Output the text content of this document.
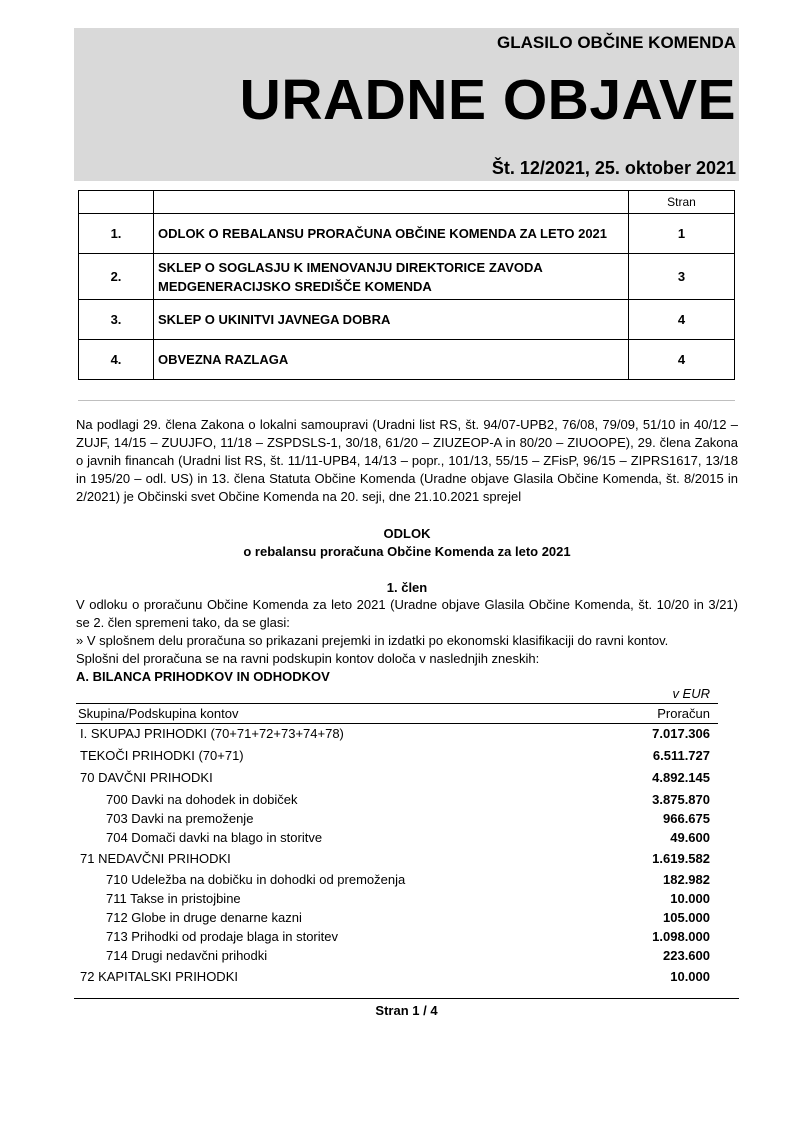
GLASILO OBČINE KOMENDA
URADNE OBJAVE
Št. 12/2021, 25. oktober 2021
		Stran
1.	ODLOK O REBALANSU PRORAČUNA OBČINE KOMENDA ZA LETO 2021	1
2.	SKLEP O SOGLASJU K IMENOVANJU DIREKTORICE ZAVODA
MEDGENERACIJSKO SREDIŠČE KOMENDA	3
3.	SKLEP O UKINITVI JAVNEGA DOBRA	4
4.	OBVEZNA RAZLAGA	4
Na podlagi 29. člena Zakona o lokalni samoupravi (Uradni list RS, št. 94/07-UPB2, 76/08, 79/09, 51/10 in 40/12 – ZUJF, 14/15 – ZUUJFO, 11/18 – ZSPDSLS-1, 30/18, 61/20 – ZIUZEOP-A in 80/20 – ZIUOOPE), 29. člena Zakona o javnih financah (Uradni list RS, št. 11/11-UPB4, 14/13 – popr., 101/13, 55/15 – ZFisP, 96/15 – ZIPRS1617, 13/18 in 195/20 – odl. US) in 13. člena Statuta Občine Komenda (Uradne objave Glasila Občine Komenda, št. 8/2015 in 2/2021) je Občinski svet Občine Komenda na 20. seji, dne 21.10.2021 sprejel
ODLOK
o rebalansu proračuna Občine Komenda za leto 2021
1. člen
V odloku o proračunu Občine Komenda za leto 2021 (Uradne objave Glasila Občine Komenda, št. 10/20 in 3/21) se 2. člen spremeni tako, da se glasi:
» V splošnem delu proračuna so prikazani prejemki in izdatki po ekonomski klasifikaciji do ravni kontov.
Splošni del proračuna se na ravni podskupin kontov določa v naslednjih zneskih:
A. BILANCA PRIHODKOV IN ODHODKOV
v EUR
Skupina/Podskupina kontov	Proračun
I. SKUPAJ PRIHODKI (70+71+72+73+74+78)	7.017.306
TEKOČI PRIHODKI (70+71)	6.511.727
70 DAVČNI PRIHODKI	4.892.145
700 Davki na dohodek in dobiček	3.875.870
703 Davki na premoženje	966.675
704 Domači davki na blago in storitve	49.600
71 NEDAVČNI PRIHODKI	1.619.582
710 Udeležba na dobičku in dohodki od premoženja	182.982
711 Takse in pristojbine	10.000
712 Globe in druge denarne kazni	105.000
713 Prihodki od prodaje blaga in storitev	1.098.000
714 Drugi nedavčni prihodki	223.600
72 KAPITALSKI PRIHODKI	10.000
Stran 1 / 4
